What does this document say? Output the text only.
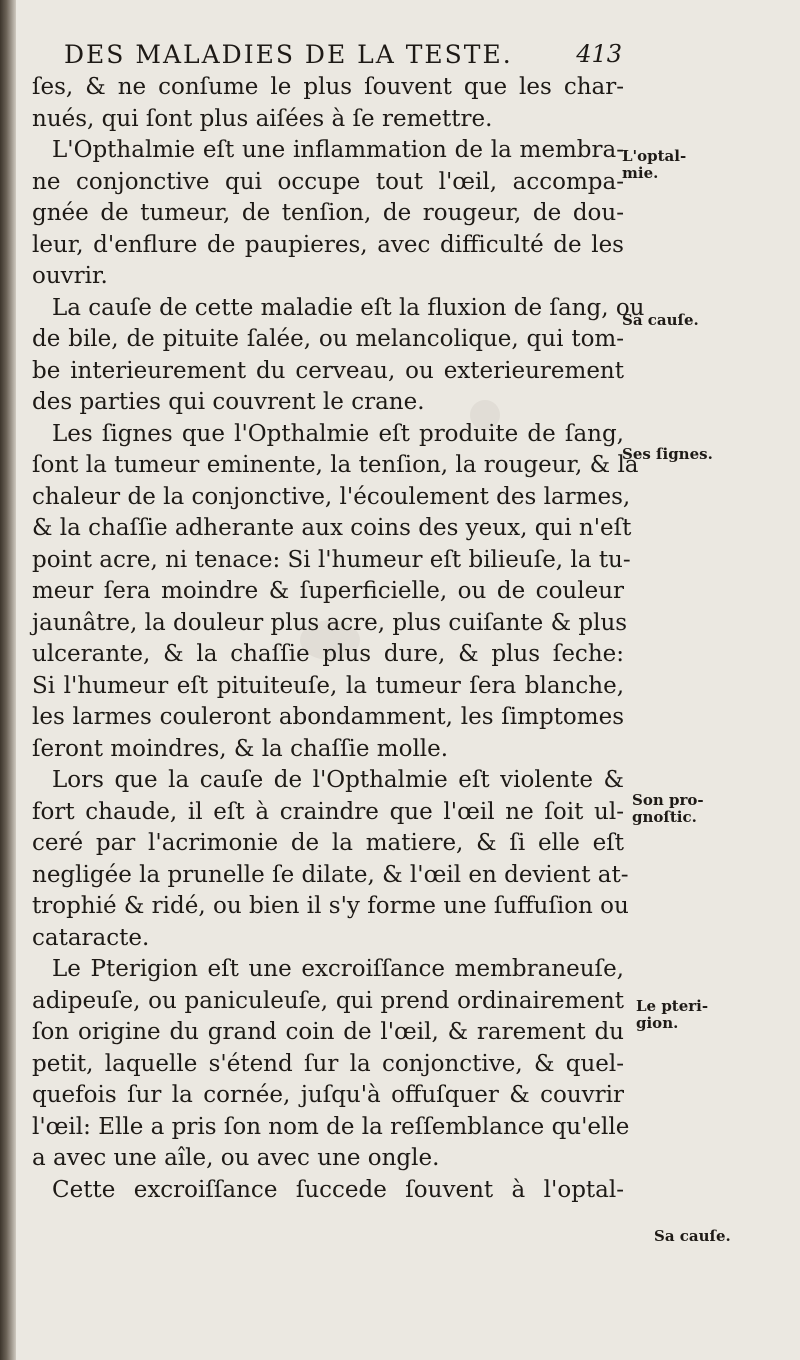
DES MALADIES DE LA TESTE.	413
ſes, & ne conſume le plus ſouvent que les char-
nués, qui ſont plus aiſées à ſe remettre.
L'Opthalmie eſt une inflammation de la membra-
ne conjonctive qui occupe tout l'œil, accompa-
gnée de tumeur, de tenſion, de rougeur, de dou-
leur, d'enflure de paupieres, avec difficulté de les
ouvrir.
La cauſe de cette maladie eſt la fluxion de ſang, ou
de bile, de pituite ſalée, ou melancolique, qui tom-
be interieurement du cerveau, ou exterieurement
des parties qui couvrent le crane.
Les ſignes que l'Opthalmie eſt produite de ſang,
ſont la tumeur eminente, la tenſion, la rougeur, & la
chaleur de la conjonctive, l'écoulement des larmes,
& la chaſſie adherante aux coins des yeux, qui n'eſt
point acre, ni tenace: Si l'humeur eſt bilieuſe, la tu-
meur ſera moindre & ſuperficielle, ou de couleur
jaunâtre, la douleur plus acre, plus cuiſante & plus
ulcerante, & la chaſſie plus dure, & plus ſeche:
Si l'humeur eſt pituiteuſe, la tumeur ſera blanche,
les larmes couleront abondamment, les ſimptomes
ſeront moindres, & la chaſſie molle.
Lors que la cauſe de l'Opthalmie eſt violente &
fort chaude, il eſt à craindre que l'œil ne ſoit ul-
ceré par l'acrimonie de la matiere, & ſi elle eſt
negligée la prunelle ſe dilate, & l'œil en devient at-
trophié & ridé, ou bien il s'y forme une ſuffuſion ou
cataracte.
Le Pterigion eſt une excroiſſance membraneuſe,
adipeuſe, ou paniculeuſe, qui prend ordinairement
ſon origine du grand coin de l'œil, & rarement du
petit, laquelle s'étend ſur la conjonctive, & quel-
quefois ſur la cornée, juſqu'à offuſquer & couvrir
l'œil: Elle a pris ſon nom de la reſſemblance qu'elle
a avec une aîle, ou avec une ongle.
Cette excroiſſance ſuccede ſouvent à l'optal-
L'optal-
mie.
Sa cauſe.
Ses ſignes.
Son pro-
gnoſtic.
Le pteri-
gion.
Sa cauſe.
